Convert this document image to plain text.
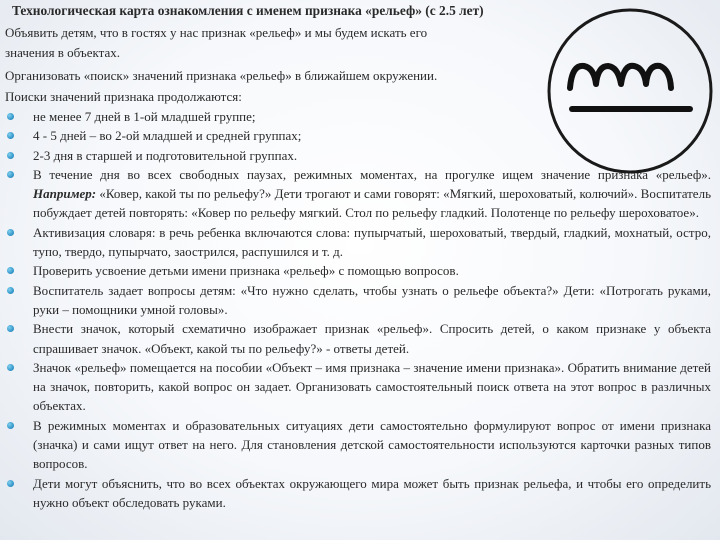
Технологическая карта ознакомления с именем признака «рельеф» (с 2.5 лет)
Объявить детям, что в гостях у нас признак «рельеф» и мы будем искать его
значения в объектах.
Организовать «поиск» значений признака «рельеф» в ближайшем окружении.
Поиски значений признака продолжаются:
не менее 7 дней в 1-ой младшей группе;
4 - 5 дней – во 2-ой младшей и средней группах;
2-3 дня в старшей и подготовительной группах.
В течение дня во всех свободных паузах, режимных моментах, на прогулке ищем значение признака «рельеф». Например: «Ковер, какой ты по рельефу?» Дети трогают и сами говорят: «Мягкий, шероховатый, колючий». Воспитатель побуждает детей повторять: «Ковер по рельефу мягкий. Стол по рельефу гладкий. Полотенце по рельефу шероховатое».
Активизация словаря: в речь ребенка включаются слова: пупырчатый, шероховатый, твердый, гладкий, мохнатый, остро, тупо, твердо, пупырчато, заострился, распушился и т. д.
Проверить усвоение детьми имени признака «рельеф» с помощью вопросов.
Воспитатель задает вопросы детям: «Что нужно сделать, чтобы узнать о рельефе объекта?» Дети: «Потрогать руками, руки – помощники умной головы».
Внести значок, который схематично изображает признак «рельеф». Спросить детей, о каком признаке у объекта спрашивает значок. «Объект, какой ты по рельефу?» - ответы детей.
Значок «рельеф» помещается на пособии «Объект – имя признака – значение имени признака». Обратить внимание детей на значок, повторить, какой вопрос он задает. Организовать самостоятельный поиск ответа на этот вопрос в различных объектах.
В режимных моментах и образовательных ситуациях дети самостоятельно формулируют вопрос от имени признака (значка) и сами ищут ответ на него. Для становления детской самостоятельности используются карточки разных типов вопросов.
Дети могут объяснить, что во всех объектах окружающего мира может быть признак рельефа, и чтобы его определить нужно объект обследовать руками.
